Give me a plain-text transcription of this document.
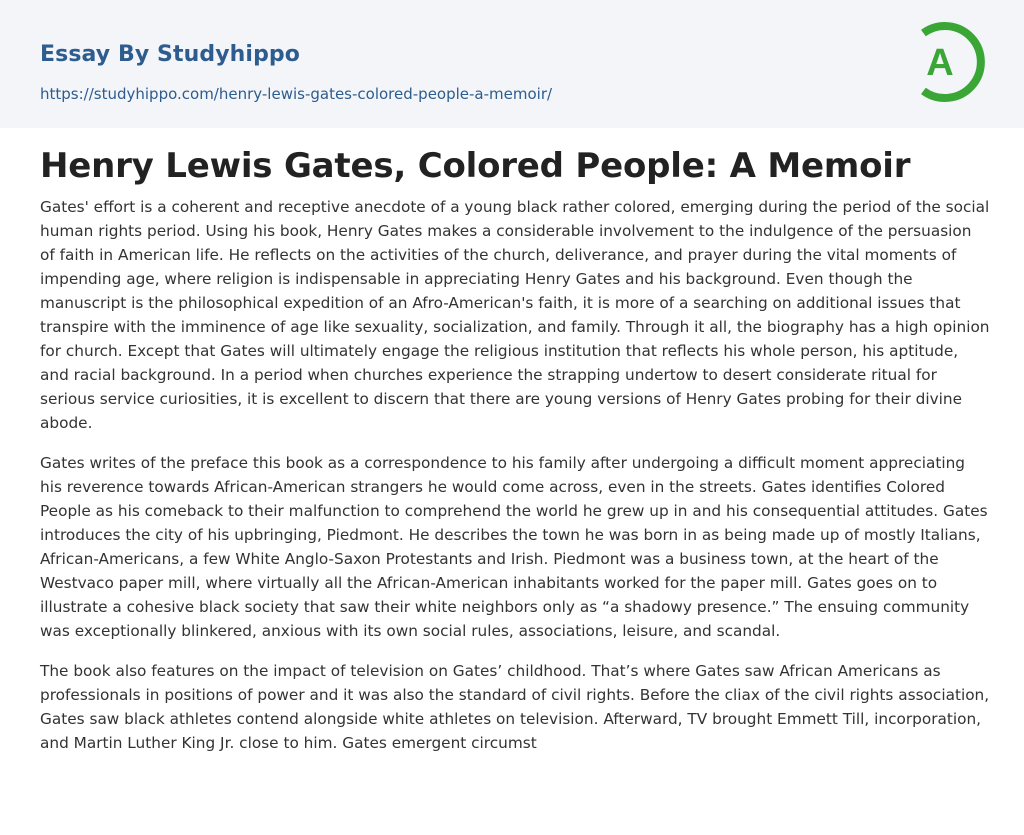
Essay By Studyhippo
https://studyhippo.com/henry-lewis-gates-colored-people-a-memoir/
A
Henry Lewis Gates, Colored People: A Memoir

Gates' effort is a coherent and receptive anecdote of a young black rather colored, emerging during the period of the social human rights period. Using his book, Henry Gates makes a considerable involvement to the indulgence of the persuasion of faith in American life. He reflects on the activities of the church, deliverance, and prayer during the vital moments of impending age, where religion is indispensable in appreciating Henry Gates and his background. Even though the manuscript is the philosophical expedition of an Afro-American's faith, it is more of a searching on additional issues that transpire with the imminence of age like sexuality, socialization, and family. Through it all, the biography has a high opinion for church. Except that Gates will ultimately engage the religious institution that reflects his whole person, his aptitude, and racial background. In a period when churches experience the strapping undertow to desert considerate ritual for serious service curiosities, it is excellent to discern that there are young versions of Henry Gates probing for their divine abode.

Gates writes of the preface this book as a correspondence to his family after undergoing a difficult moment appreciating his reverence towards African-American strangers he would come across, even in the streets. Gates identifies Colored People as his comeback to their malfunction to comprehend the world he grew up in and his consequential attitudes. Gates introduces the city of his upbringing, Piedmont. He describes the town he was born in as being made up of mostly Italians, African-Americans, a few White Anglo-Saxon Protestants and Irish. Piedmont was a business town, at the heart of the Westvaco paper mill, where virtually all the African-American inhabitants worked for the paper mill. Gates goes on to illustrate a cohesive black society that saw their white neighbors only as “a shadowy presence.” The ensuing community was exceptionally blinkered, anxious with its own social rules, associations, leisure, and scandal.

The book also features on the impact of television on Gates’ childhood. That’s where Gates saw African Americans as professionals in positions of power and it was also the standard of civil rights. Before the cliax of the civil rights association, Gates saw black athletes contend alongside white athletes on television. Afterward, TV brought Emmett Till, incorporation, and Martin Luther King Jr. close to him. Gates emergent circumst
